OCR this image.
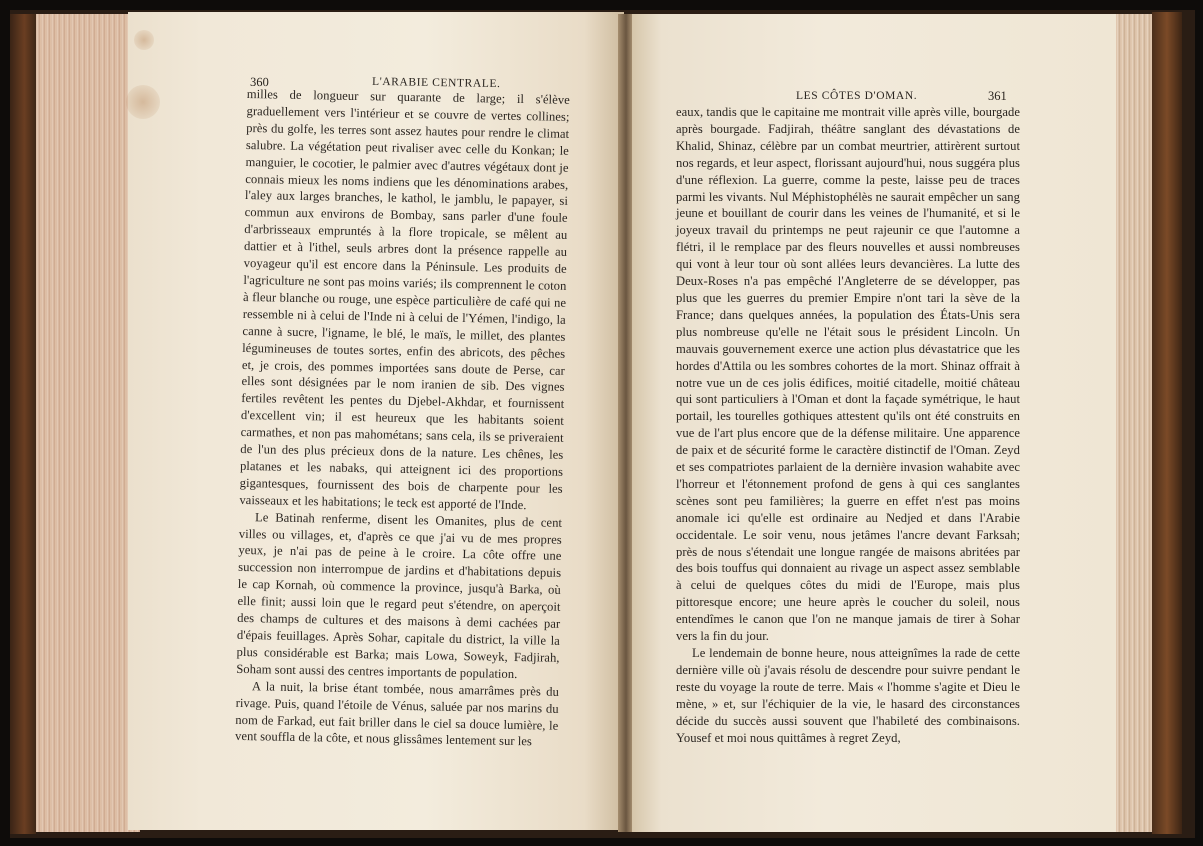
360	L'ARABIE CENTRALE.

milles de longueur sur quarante de large; il s'élève graduellement vers l'intérieur et se couvre de vertes collines; près du golfe, les terres sont assez hautes pour rendre le climat salubre. La végétation peut rivaliser avec celle du Konkan; le manguier, le cocotier, le palmier avec d'autres végétaux dont je connais mieux les noms indiens que les dénominations arabes, l'aley aux larges branches, le kathol, le jamblu, le papayer, si commun aux environs de Bombay, sans parler d'une foule d'arbrisseaux empruntés à la flore tropicale, se mêlent au dattier et à l'ithel, seuls arbres dont la présence rappelle au voyageur qu'il est encore dans la Péninsule. Les produits de l'agriculture ne sont pas moins variés; ils comprennent le coton à fleur blanche ou rouge, une espèce particulière de café qui ne ressemble ni à celui de l'Inde ni à celui de l'Yémen, l'indigo, la canne à sucre, l'igname, le blé, le maïs, le millet, des plantes légumineuses de toutes sortes, enfin des abricots, des pêches et, je crois, des pommes importées sans doute de Perse, car elles sont désignées par le nom iranien de sib. Des vignes fertiles revêtent les pentes du Djebel-Akhdar, et fournissent d'excellent vin; il est heureux que les habitants soient carmathes, et non pas mahométans; sans cela, ils se priveraient de l'un des plus précieux dons de la nature. Les chênes, les platanes et les nabaks, qui atteignent ici des proportions gigantesques, fournissent des bois de charpente pour les vaisseaux et les habitations; le teck est apporté de l'Inde.

Le Batinah renferme, disent les Omanites, plus de cent villes ou villages, et, d'après ce que j'ai vu de mes propres yeux, je n'ai pas de peine à le croire. La côte offre une succession non interrompue de jardins et d'habitations depuis le cap Kornah, où commence la province, jusqu'à Barka, où elle finit; aussi loin que le regard peut s'étendre, on aperçoit des champs de cultures et des maisons à demi cachées par d'épais feuillages. Après Sohar, capitale du district, la ville la plus considérable est Barka; mais Lowa, Soweyk, Fadjirah, Soham sont aussi des centres importants de population.

A la nuit, la brise étant tombée, nous amarrâmes près du rivage. Puis, quand l'étoile de Vénus, saluée par nos marins du nom de Farkad, eut fait briller dans le ciel sa douce lumière, le vent souffla de la côte, et nous glissâmes lentement sur les

LES CÔTES D'OMAN.	361

eaux, tandis que le capitaine me montrait ville après ville, bourgade après bourgade. Fadjirah, théâtre sanglant des dévastations de Khalid, Shinaz, célèbre par un combat meurtrier, attirèrent surtout nos regards, et leur aspect, florissant aujourd'hui, nous suggéra plus d'une réflexion. La guerre, comme la peste, laisse peu de traces parmi les vivants. Nul Méphistophélès ne saurait empêcher un sang jeune et bouillant de courir dans les veines de l'humanité, et si le joyeux travail du printemps ne peut rajeunir ce que l'automne a flétri, il le remplace par des fleurs nouvelles et aussi nombreuses qui vont à leur tour où sont allées leurs devancières. La lutte des Deux-Roses n'a pas empêché l'Angleterre de se développer, pas plus que les guerres du premier Empire n'ont tari la sève de la France; dans quelques années, la population des États-Unis sera plus nombreuse qu'elle ne l'était sous le président Lincoln. Un mauvais gouvernement exerce une action plus dévastatrice que les hordes d'Attila ou les sombres cohortes de la mort. Shinaz offrait à notre vue un de ces jolis édifices, moitié citadelle, moitié château qui sont particuliers à l'Oman et dont la façade symétrique, le haut portail, les tourelles gothiques attestent qu'ils ont été construits en vue de l'art plus encore que de la défense militaire. Une apparence de paix et de sécurité forme le caractère distinctif de l'Oman. Zeyd et ses compatriotes parlaient de la dernière invasion wahabite avec l'horreur et l'étonnement profond de gens à qui ces sanglantes scènes sont peu familières; la guerre en effet n'est pas moins anomale ici qu'elle est ordinaire au Nedjed et dans l'Arabie occidentale. Le soir venu, nous jetâmes l'ancre devant Farksah; près de nous s'étendait une longue rangée de maisons abritées par des bois touffus qui donnaient au rivage un aspect assez semblable à celui de quelques côtes du midi de l'Europe, mais plus pittoresque encore; une heure après le coucher du soleil, nous entendîmes le canon que l'on ne manque jamais de tirer à Sohar vers la fin du jour.

Le lendemain de bonne heure, nous atteignîmes la rade de cette dernière ville où j'avais résolu de descendre pour suivre pendant le reste du voyage la route de terre. Mais « l'homme s'agite et Dieu le mène, » et, sur l'échiquier de la vie, le hasard des circonstances décide du succès aussi souvent que l'habileté des combinaisons. Yousef et moi nous quittâmes à regret Zeyd,
